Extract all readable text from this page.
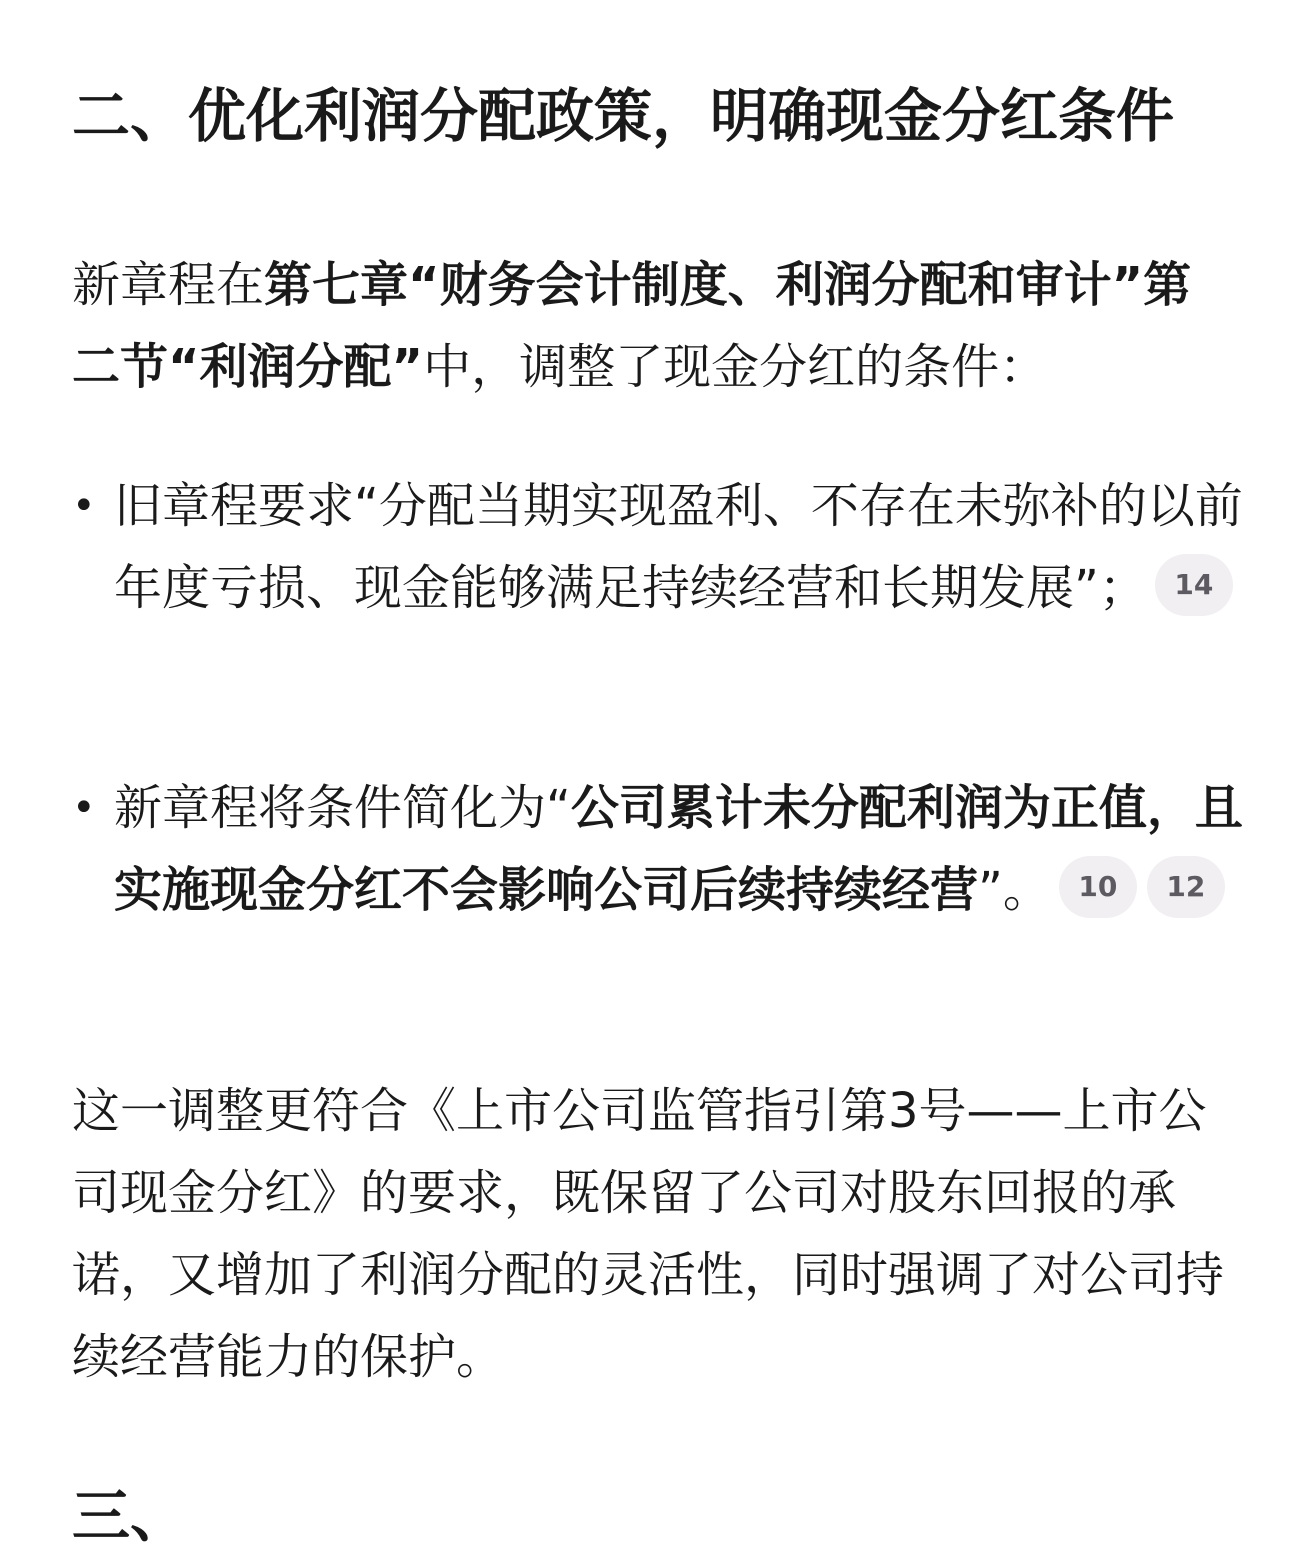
二、优化利润分配政策，明确现金分红条件

新章程在第七章“财务会计制度、利润分配和审计”第二节“利润分配”中，调整了现金分红的条件：

• 旧章程要求“分配当期实现盈利、不存在未弥补的以前年度亏损、现金能够满足持续经营和长期发展”； 14
• 新章程将条件简化为“公司累计未分配利润为正值，且实施现金分红不会影响公司后续持续经营”。 10 12

这一调整更符合《上市公司监管指引第3号——上市公司现金分红》的要求，既保留了公司对股东回报的承诺，又增加了利润分配的灵活性，同时强调了对公司持续经营能力的保护。

三、
